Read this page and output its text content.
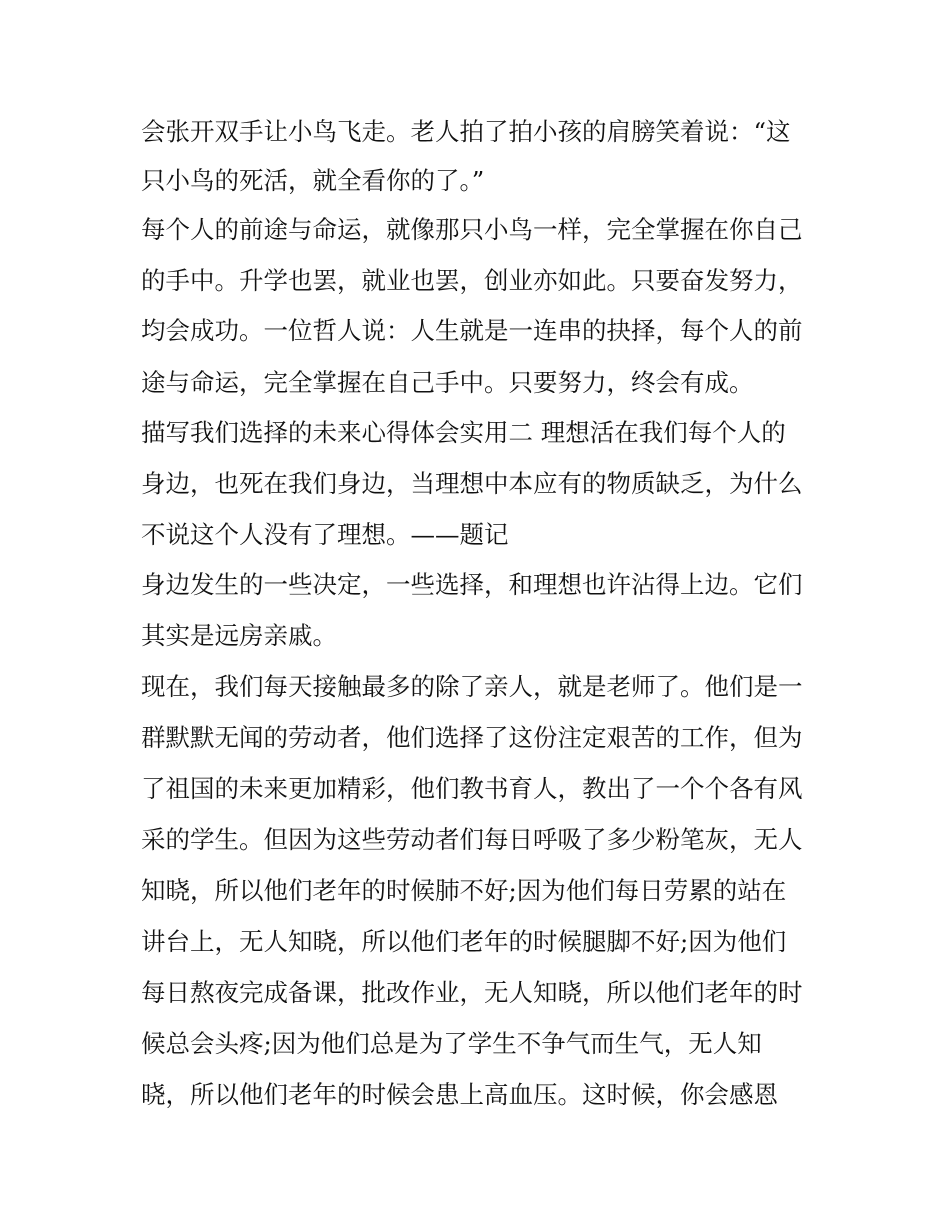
会张开双手让小鸟飞走。老人拍了拍小孩的肩膀笑着说：“这

只小鸟的死活，就全看你的了。”

每个人的前途与命运，就像那只小鸟一样，完全掌握在你自己

的手中。升学也罢，就业也罢，创业亦如此。只要奋发努力，

均会成功。一位哲人说：人生就是一连串的抉择，每个人的前

途与命运，完全掌握在自己手中。只要努力，终会有成。

描写我们选择的未来心得体会实用二 理想活在我们每个人的

身边，也死在我们身边，当理想中本应有的物质缺乏，为什么

不说这个人没有了理想。——题记

身边发生的一些决定，一些选择，和理想也许沾得上边。它们

其实是远房亲戚。

现在，我们每天接触最多的除了亲人，就是老师了。他们是一

群默默无闻的劳动者，他们选择了这份注定艰苦的工作，但为

了祖国的未来更加精彩，他们教书育人，教出了一个个各有风

采的学生。但因为这些劳动者们每日呼吸了多少粉笔灰，无人

知晓，所以他们老年的时候肺不好;因为他们每日劳累的站在

讲台上，无人知晓，所以他们老年的时候腿脚不好;因为他们

每日熬夜完成备课，批改作业，无人知晓，所以他们老年的时

候总会头疼;因为他们总是为了学生不争气而生气，无人知

晓，所以他们老年的时候会患上高血压。这时候，你会感恩
